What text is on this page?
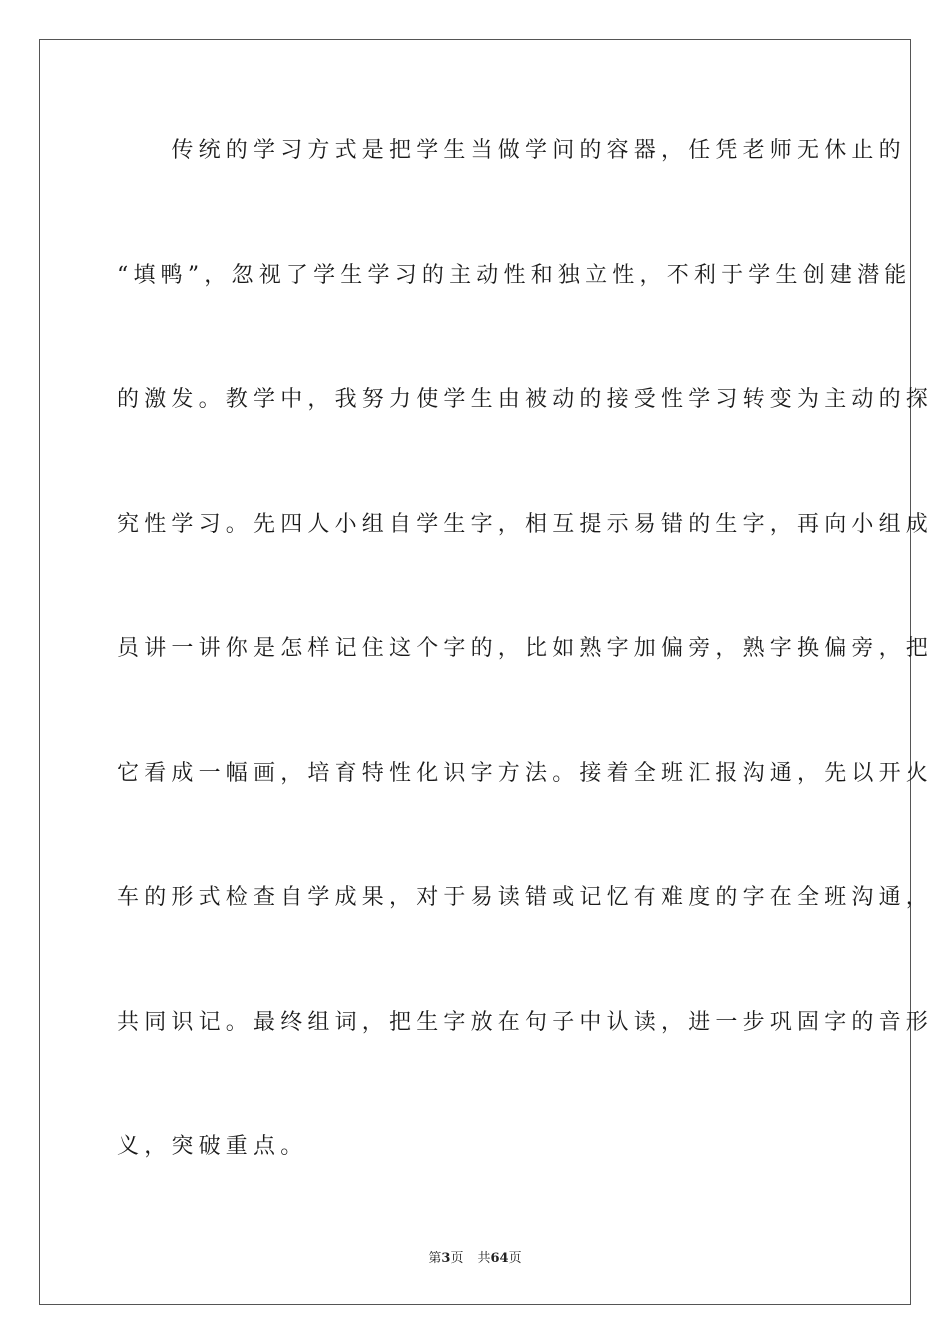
　　传统的学习方式是把学生当做学问的容器，任凭老师无休止的
“填鸭”，忽视了学生学习的主动性和独立性，不利于学生创建潜能
的激发。教学中，我努力使学生由被动的接受性学习转变为主动的探
究性学习。先四人小组自学生字，相互提示易错的生字，再向小组成
员讲一讲你是怎样记住这个字的，比如熟字加偏旁，熟字换偏旁，把
它看成一幅画，培育特性化识字方法。接着全班汇报沟通，先以开火
车的形式检查自学成果，对于易读错或记忆有难度的字在全班沟通，
共同识记。最终组词，把生字放在句子中认读，进一步巩固字的音形
义，突破重点。
第3页 共64页
